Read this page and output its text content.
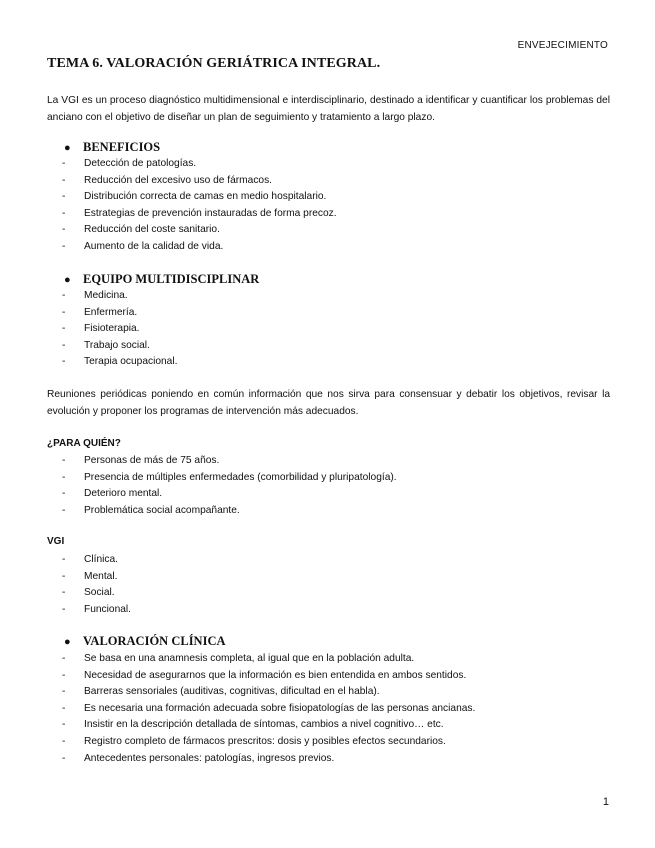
ENVEJECIMIENTO
TEMA 6. VALORACIÓN GERIÁTRICA INTEGRAL.
La VGI es un proceso diagnóstico multidimensional e interdisciplinario, destinado a identificar y cuantificar los problemas del anciano con el objetivo de diseñar un plan de seguimiento y tratamiento a largo plazo.
● BENEFICIOS
- Detección de patologías.
- Reducción del excesivo uso de fármacos.
- Distribución correcta de camas en medio hospitalario.
- Estrategias de prevención instauradas de forma precoz.
- Reducción del coste sanitario.
- Aumento de la calidad de vida.
● EQUIPO MULTIDISCIPLINAR
- Medicina.
- Enfermería.
- Fisioterapia.
- Trabajo social.
- Terapia ocupacional.
Reuniones periódicas poniendo en común información que nos sirva para consensuar y debatir los objetivos, revisar la evolución y proponer los programas de intervención más adecuados.
¿PARA QUIÉN?
- Personas de más de 75 años.
- Presencia de múltiples enfermedades (comorbilidad y pluripatología).
- Deterioro mental.
- Problemática social acompañante.
VGI
- Clínica.
- Mental.
- Social.
- Funcional.
● VALORACIÓN CLÍNICA
- Se basa en una anamnesis completa, al igual que en la población adulta.
- Necesidad de asegurarnos que la información es bien entendida en ambos sentidos.
- Barreras sensoriales (auditivas, cognitivas, dificultad en el habla).
- Es necesaria una formación adecuada sobre fisiopatologías de las personas ancianas.
- Insistir en la descripción detallada de síntomas, cambios a nivel cognitivo… etc.
- Registro completo de fármacos prescritos: dosis y posibles efectos secundarios.
- Antecedentes personales: patologías, ingresos previos.
1
